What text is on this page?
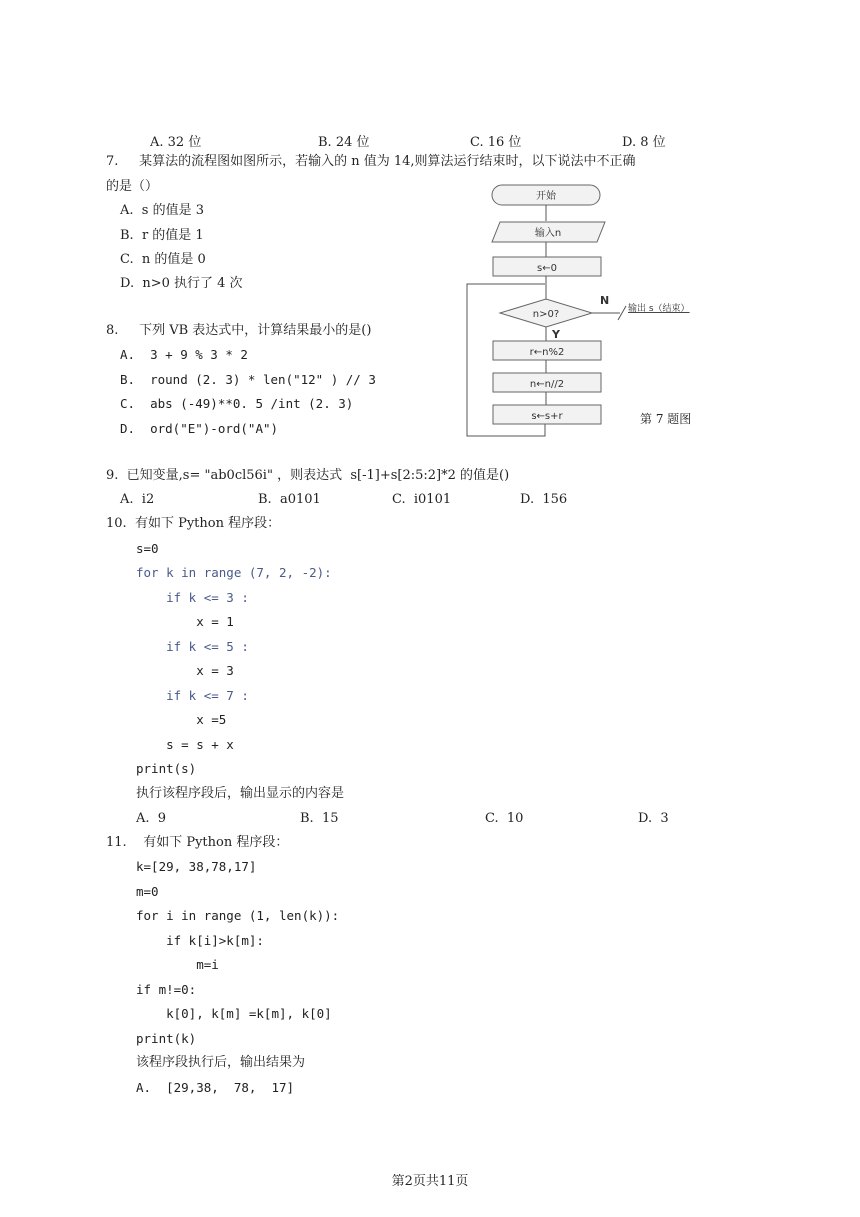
A. 32 位	B. 24 位	C. 16 位	D. 8 位
7.     某算法的流程图如图所示，若输入的 n 值为 14,则算法运行结束时，以下说法中不正确
的是（）
A.  s 的值是 3
B.  r 的值是 1
C.  n 的值是 0
D.  n>0 执行了 4 次
8.     下列 VB 表达式中，计算结果最小的是()
A.  3 + 9 % 3 * 2
B.  round (2. 3) * len("12" ) // 3
C.  abs (-49)**0. 5 /int (2. 3)
D.  ord("E")-ord("A")
开始
输入n
s←0
n>0?
N
输出 s（结束）
Y
r←n%2
n←n//2
s←s+r	第 7 题图
9.  已知变量,s= "ab0cl56i" ，则表达式  s[-1]+s[2:5:2]*2 的值是()
A.  i2	B.  a0101	C.  i0101	D.  156
10.  有如下 Python 程序段：
s=0
for k in range (7, 2, -2):
if k <= 3 :
x = 1
if k <= 5 :
x = 3
if k <= 7 :
x =5
s = s + x
print(s)
执行该程序段后，输出显示的内容是
A.  9	B.  15	C.  10	D.  3
11.    有如下 Python 程序段：
k=[29, 38,78,17]
m=0
for i in range (1, len(k)):
if k[i]>k[m]:
m=i
if m!=0:
k[0], k[m] =k[m], k[0]
print(k)
该程序段执行后，输出结果为
A.  [29,38,  78,  17]
第2页共11页
